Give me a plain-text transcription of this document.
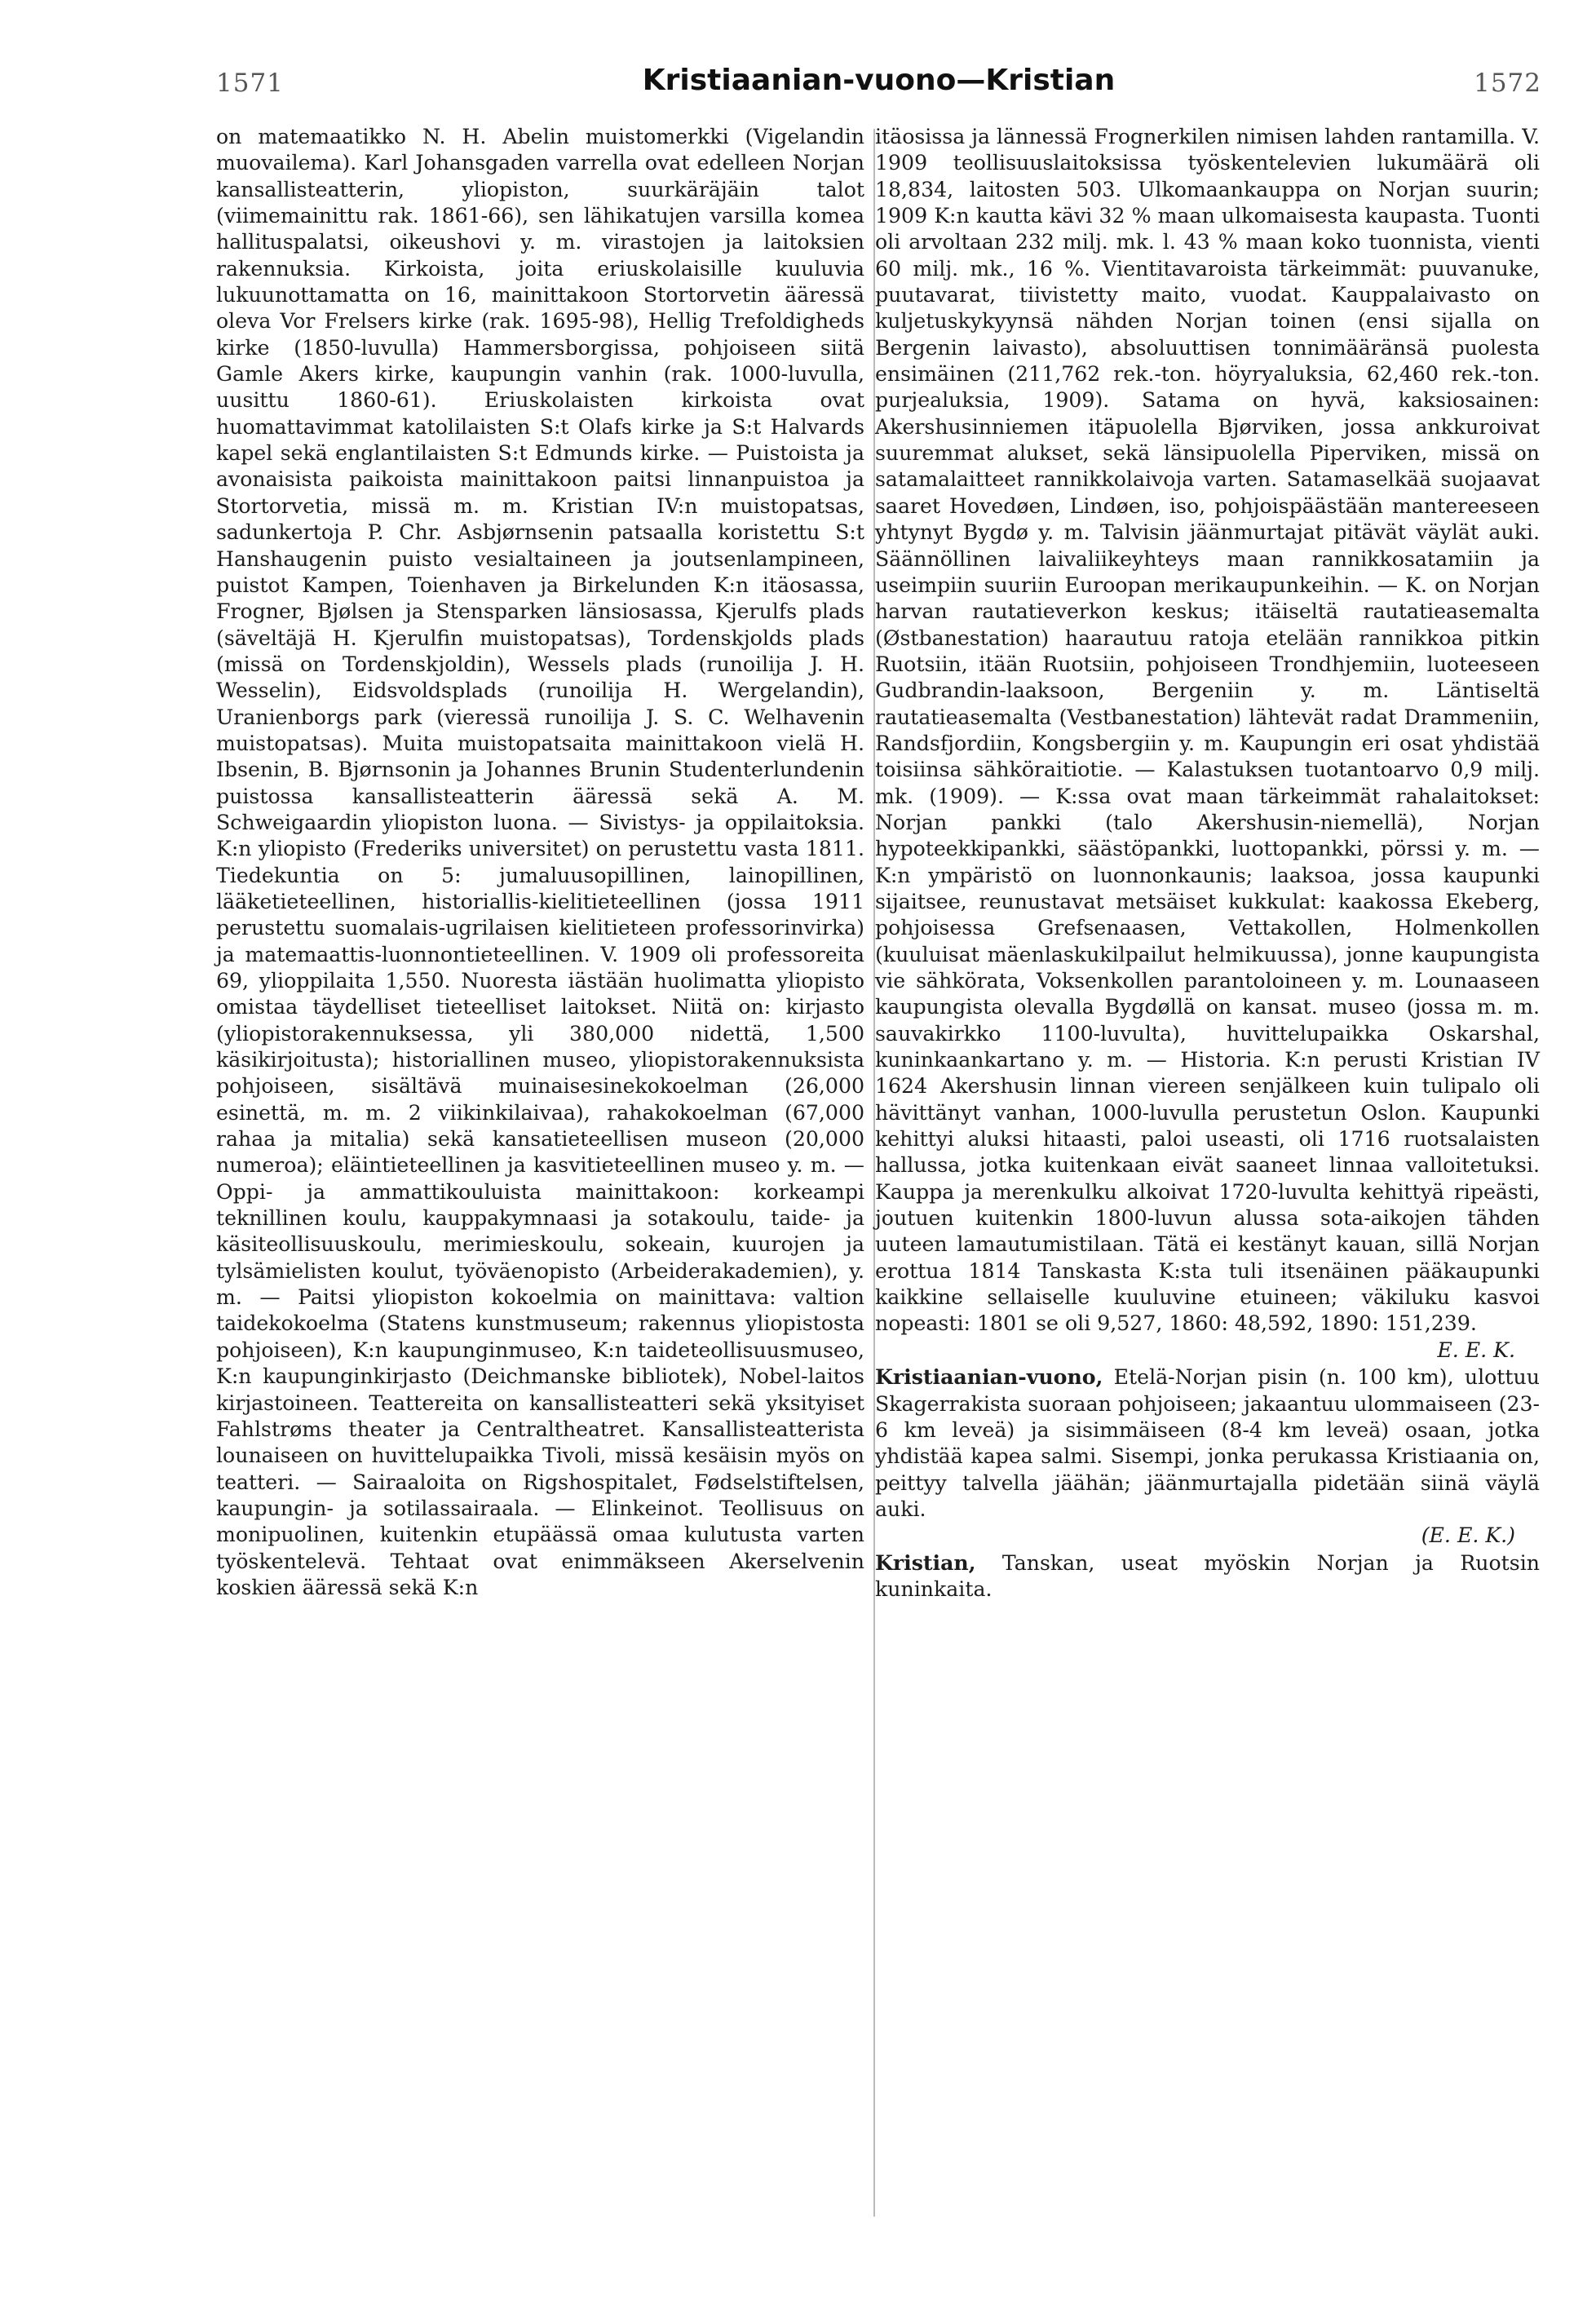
1571	Kristiaanian-vuono—Kristian	1572

on matemaatikko N. H. Abelin muistomerkki (Vigelandin muovailema). Karl Johansgaden varrella ovat edelleen Norjan kansallisteatterin, yliopiston, suurkäräjäin talot (viimemainittu rak. 1861-66), sen lähikatujen varsilla komea hallituspalatsi, oikeushovi y. m. virastojen ja laitoksien rakennuksia. Kirkoista, joita eriuskolaisille kuuluvia lukuunottamatta on 16, mainittakoon Stortorvetin ääressä oleva Vor Frelsers kirke (rak. 1695-98), Hellig Trefoldigheds kirke (1850-luvulla) Hammersborgissa, pohjoiseen siitä Gamle Akers kirke, kaupungin vanhin (rak. 1000-luvulla, uusittu 1860-61). Eriuskolaisten kirkoista ovat huomattavimmat katolilaisten S:t Olafs kirke ja S:t Halvards kapel sekä englantilaisten S:t Edmunds kirke. — Puistoista ja avonaisista paikoista mainittakoon paitsi linnanpuistoa ja Stortorvetia, missä m. m. Kristian IV:n muistopatsas, sadunkertoja P. Chr. Asbjørnsenin patsaalla koristettu S:t Hanshaugenin puisto vesialtaineen ja joutsenlampineen, puistot Kampen, Toienhaven ja Birkelunden K:n itäosassa, Frogner, Bjølsen ja Stensparken länsiosassa, Kjerulfs plads (säveltäjä H. Kjerulfin muistopatsas), Tordenskjolds plads (missä on Tordenskjoldin), Wessels plads (runoilija J. H. Wesselin), Eidsvoldsplads (runoilija H. Wergelandin), Uranienborgs park (vieressä runoilija J. S. C. Welhavenin muistopatsas). Muita muistopatsaita mainittakoon vielä H. Ibsenin, B. Bjørnsonin ja Johannes Brunin Studenterlundenin puistossa kansallisteatterin ääressä sekä A. M. Schweigaardin yliopiston luona. — Sivistys- ja oppilaitoksia. K:n yliopisto (Frederiks universitet) on perustettu vasta 1811. Tiedekuntia on 5: jumaluusopillinen, lainopillinen, lääketieteellinen, historiallis-kielitieteellinen (jossa 1911 perustettu suomalais-ugrilaisen kielitieteen professorinvirka) ja matemaattis-luonnontieteellinen. V. 1909 oli professoreita 69, ylioppilaita 1,550. Nuoresta iästään huolimatta yliopisto omistaa täydelliset tieteelliset laitokset. Niitä on: kirjasto (yliopistorakennuksessa, yli 380,000 nidettä, 1,500 käsikirjoitusta); historiallinen museo, yliopistorakennuksista pohjoiseen, sisältävä muinaisesinekokoelman (26,000 esinettä, m. m. 2 viikinkilaivaa), rahakokoelman (67,000 rahaa ja mitalia) sekä kansatieteellisen museon (20,000 numeroa); eläintieteellinen ja kasvitieteellinen museo y. m. — Oppi- ja ammattikouluista mainittakoon: korkeampi teknillinen koulu, kauppakymnaasi ja sotakoulu, taide- ja käsiteollisuuskoulu, merimieskoulu, sokeain, kuurojen ja tylsämielisten koulut, työväenopisto (Arbeiderakademien), y. m. — Paitsi yliopiston kokoelmia on mainittava: valtion taidekokoelma (Statens kunstmuseum; rakennus yliopistosta pohjoiseen), K:n kaupunginmuseo, K:n taideteollisuusmuseo, K:n kaupunginkirjasto (Deichmanske bibliotek), Nobel-laitos kirjastoineen. Teattereita on kansallisteatteri sekä yksityiset Fahlstrøms theater ja Centraltheatret. Kansallisteatterista lounaiseen on huvittelupaikka Tivoli, missä kesäisin myös on teatteri. — Sairaaloita on Rigshospitalet, Fødselstiftelsen, kaupungin- ja sotilassairaala. — Elinkeinot. Teollisuus on monipuolinen, kuitenkin etupäässä omaa kulutusta varten työskentelevä. Tehtaat ovat enimmäkseen Akerselvenin koskien ääressä sekä K:n

itäosissa ja lännessä Frognerkilen nimisen lahden rantamilla. V. 1909 teollisuuslaitoksissa työskentelevien lukumäärä oli 18,834, laitosten 503. Ulkomaankauppa on Norjan suurin; 1909 K:n kautta kävi 32 % maan ulkomaisesta kaupasta. Tuonti oli arvoltaan 232 milj. mk. l. 43 % maan koko tuonnista, vienti 60 milj. mk., 16 %. Vientitavaroista tärkeimmät: puuvanuke, puutavarat, tiivistetty maito, vuodat. Kauppalaivasto on kuljetuskykyynsä nähden Norjan toinen (ensi sijalla on Bergenin laivasto), absoluuttisen tonnimääränsä puolesta ensimäinen (211,762 rek.-ton. höyryaluksia, 62,460 rek.-ton. purjealuksia, 1909). Satama on hyvä, kaksiosainen: Akershusinniemen itäpuolella Bjørviken, jossa ankkuroivat suuremmat alukset, sekä länsipuolella Piperviken, missä on satamalaitteet rannikkolaivoja varten. Satamaselkää suojaavat saaret Hovedøen, Lindøen, iso, pohjoispäästään mantereeseen yhtynyt Bygdø y. m. Talvisin jäänmurtajat pitävät väylät auki. Säännöllinen laivaliikeyhteys maan rannikkosatamiin ja useimpiin suuriin Euroopan merikaupunkeihin. — K. on Norjan harvan rautatieverkon keskus; itäiseltä rautatieasemalta (Østbanestation) haarautuu ratoja etelään rannikkoa pitkin Ruotsiin, itään Ruotsiin, pohjoiseen Trondhjemiin, luoteeseen Gudbrandin-laaksoon, Bergeniin y. m. Läntiseltä rautatieasemalta (Vestbanestation) lähtevät radat Drammeniin, Randsfjordiin, Kongsbergiin y. m. Kaupungin eri osat yhdistää toisiinsa sähköraitiotie. — Kalastuksen tuotantoarvo 0,9 milj. mk. (1909). — K:ssa ovat maan tärkeimmät rahalaitokset: Norjan pankki (talo Akershusin-niemellä), Norjan hypoteekkipankki, säästöpankki, luottopankki, pörssi y. m. — K:n ympäristö on luonnonkaunis; laaksoa, jossa kaupunki sijaitsee, reunustavat metsäiset kukkulat: kaakossa Ekeberg, pohjoisessa Grefsenaasen, Vettakollen, Holmenkollen (kuuluisat mäenlaskukilpailut helmikuussa), jonne kaupungista vie sähkörata, Voksenkollen parantoloineen y. m. Lounaaseen kaupungista olevalla Bygdøllä on kansat. museo (jossa m. m. sauvakirkko 1100-luvulta), huvittelupaikka Oskarshal, kuninkaankartano y. m. — Historia. K:n perusti Kristian IV 1624 Akershusin linnan viereen senjälkeen kuin tulipalo oli hävittänyt vanhan, 1000-luvulla perustetun Oslon. Kaupunki kehittyi aluksi hitaasti, paloi useasti, oli 1716 ruotsalaisten hallussa, jotka kuitenkaan eivät saaneet linnaa valloitetuksi. Kauppa ja merenkulku alkoivat 1720-luvulta kehittyä ripeästi, joutuen kuitenkin 1800-luvun alussa sota-aikojen tähden uuteen lamautumistilaan. Tätä ei kestänyt kauan, sillä Norjan erottua 1814 Tanskasta K:sta tuli itsenäinen pääkaupunki kaikkine sellaiselle kuuluvine etuineen; väkiluku kasvoi nopeasti: 1801 se oli 9,527, 1860: 48,592, 1890: 151,239.

E. E. K.

Kristiaanian-vuono, Etelä-Norjan pisin (n. 100 km), ulottuu Skagerrakista suoraan pohjoiseen; jakaantuu ulommaiseen (23-6 km leveä) ja sisimmäiseen (8-4 km leveä) osaan, jotka yhdistää kapea salmi. Sisempi, jonka perukassa Kristiaania on, peittyy talvella jäähän; jäänmurtajalla pidetään siinä väylä auki.

(E. E. K.)

Kristian, Tanskan, useat myöskin Norjan ja Ruotsin kuninkaita.
